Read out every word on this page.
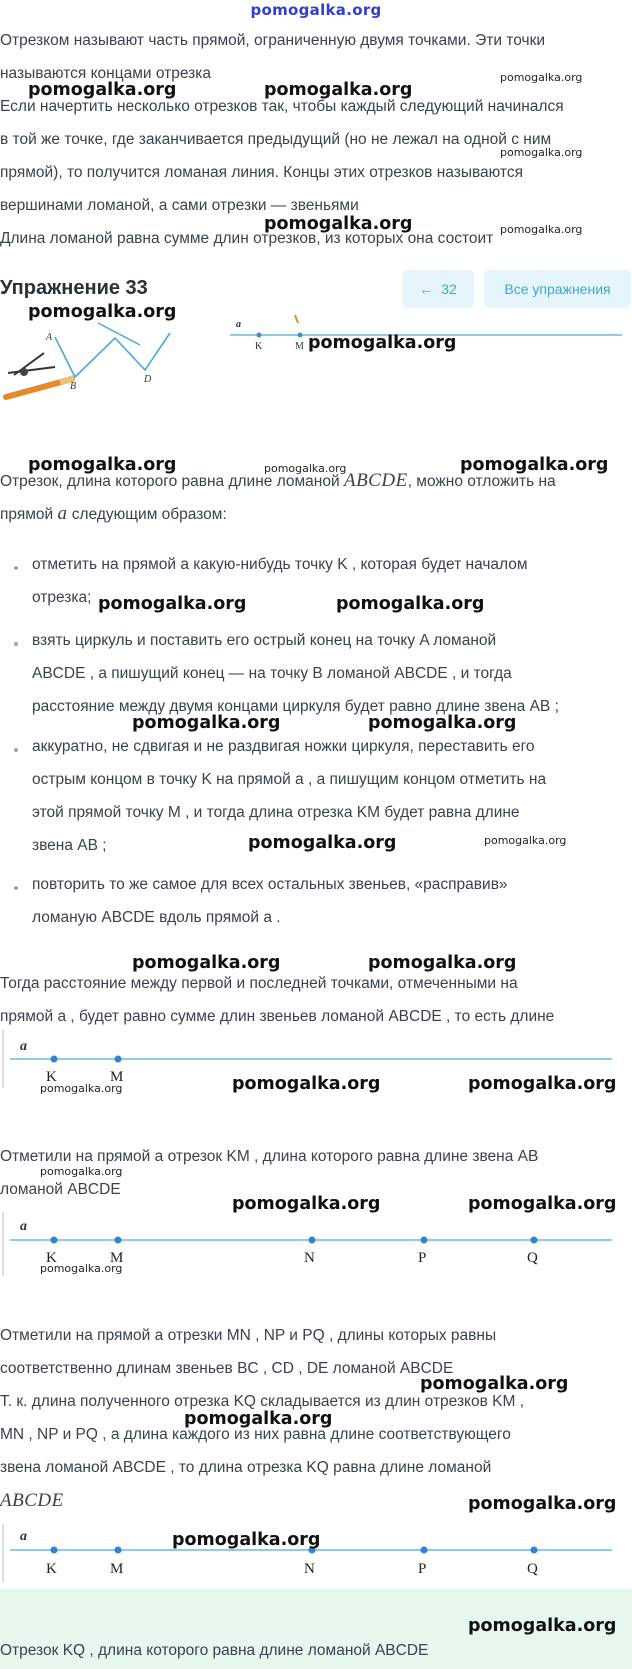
pomogalka.org
Отрезком называют часть прямой, ограниченную двумя точками. Эти точки
называются концами отрезка
Если начертить несколько отрезков так, чтобы каждый следующий начинался
в той же точке, где заканчивается предыдущий (но не лежал на одной с ним
прямой), то получится ломаная линия. Концы этих отрезков называются
вершинами ломаной, а сами отрезки — звеньями
Длина ломаной равна сумме длин отрезков, из которых она состоит
Упражнение 33	← 32	Все упражнения
A
B
D
a
K	M
Отрезок, длина которого равна длине ломаной ABCDE, можно отложить на
прямой a следующим образом:
отметить на прямой a какую-нибудь точку K , которая будет началом
отрезка;
взять циркуль и поставить его острый конец на точку A ломаной
ABCDE , а пишущий конец — на точку B ломаной ABCDE , и тогда
расстояние между двумя концами циркуля будет равно длине звена AB ;
аккуратно, не сдвигая и не раздвигая ножки циркуля, переставить его
острым концом в точку K на прямой a , а пишущим концом отметить на
этой прямой точку M , и тогда длина отрезка KM будет равна длине
звена AB ;
повторить то же самое для всех остальных звеньев, «расправив»
ломаную ABCDE вдоль прямой a .
Тогда расстояние между первой и последней точками, отмеченными на
прямой a , будет равно сумме длин звеньев ломаной ABCDE , то есть длине
a
K	M
Отметили на прямой a отрезок KM , длина которого равна длине звена AB
ломаной ABCDE
a
K	M	N	P	Q
Отметили на прямой a отрезки MN , NP и PQ , длины которых равны
соответственно длинам звеньев BC , CD , DE ломаной ABCDE
Т. к. длина полученного отрезка KQ складывается из длин отрезков KM ,
MN , NP и PQ , а длина каждого из них равна длине соответствующего
звена ломаной ABCDE , то длина отрезка KQ равна длине ломаной
ABCDE
a
K	M	N	P	Q
Отрезок KQ , длина которого равна длине ломаной ABCDE
pomogalka.org	pomogalka.org
pomogalka.org
pomogalka.org
pomogalka.org	pomogalka.org
pomogalka.org
pomogalka.org
pomogalka.org	pomogalka.org	pomogalka.org
pomogalka.org	pomogalka.org
pomogalka.org	pomogalka.org
pomogalka.org	pomogalka.org
pomogalka.org	pomogalka.org
pomogalka.org	pomogalka.org	pomogalka.org
pomogalka.org
pomogalka.org	pomogalka.org
pomogalka.org
pomogalka.org
pomogalka.org
pomogalka.org
pomogalka.org
pomogalka.org
